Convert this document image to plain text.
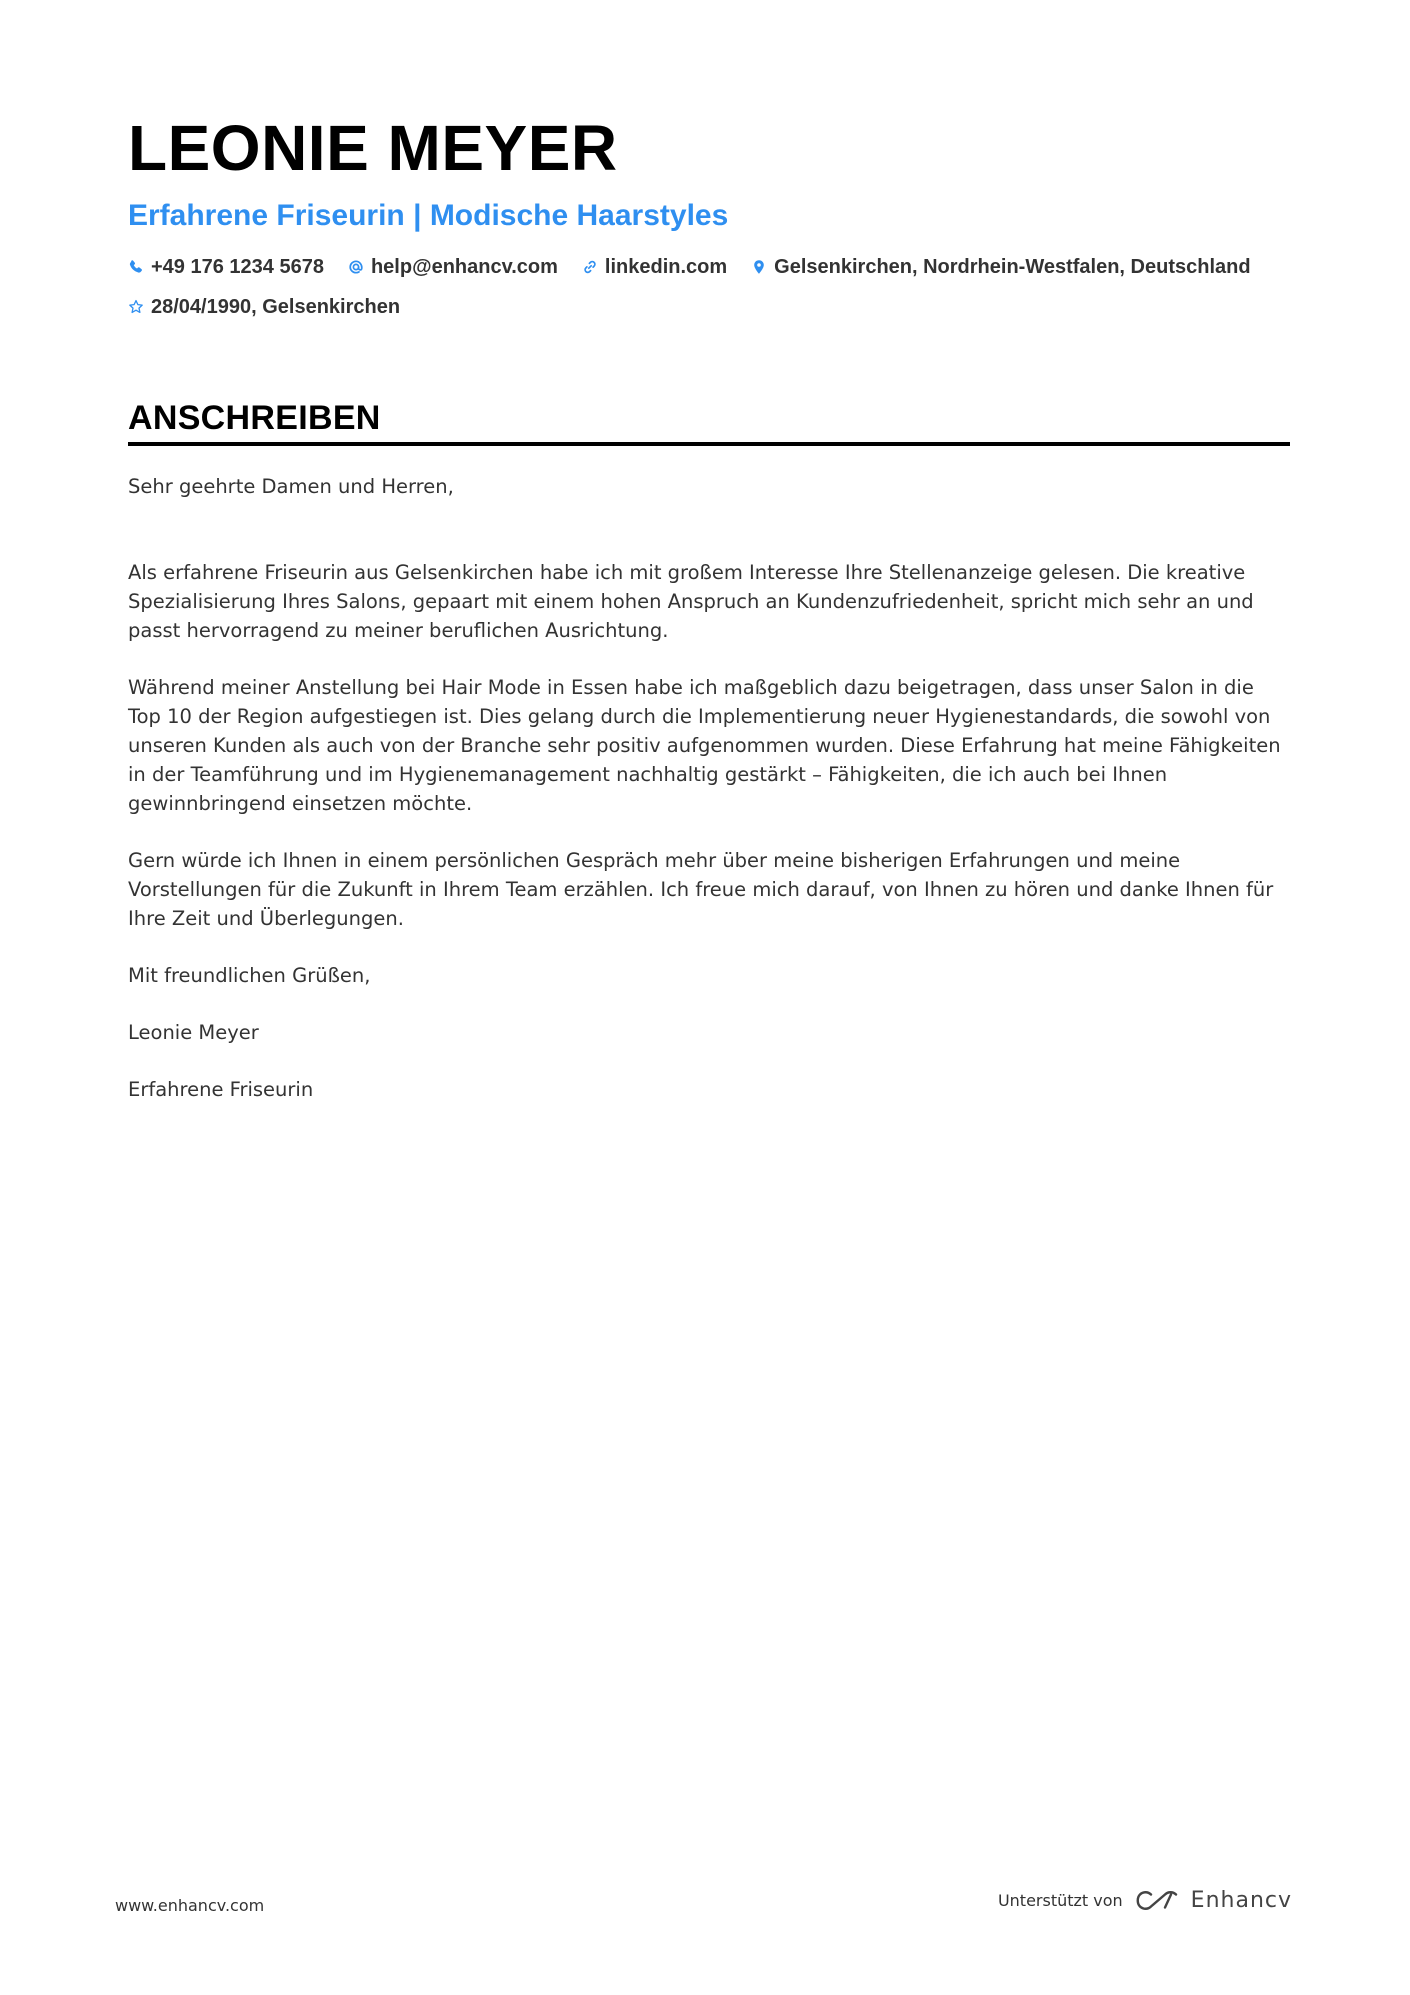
LEONIE MEYER
Erfahrene Friseurin | Modische Haarstyles
+49 176 1234 5678 help@enhancv.com linkedin.com Gelsenkirchen, Nordrhein-Westfalen, Deutschland
28/04/1990, Gelsenkirchen
ANSCHREIBEN

Sehr geehrte Damen und Herren,

Als erfahrene Friseurin aus Gelsenkirchen habe ich mit großem Interesse Ihre Stellenanzeige gelesen. Die kreative Spezialisierung Ihres Salons, gepaart mit einem hohen Anspruch an Kundenzufriedenheit, spricht mich sehr an und passt hervorragend zu meiner beruflichen Ausrichtung.

Während meiner Anstellung bei Hair Mode in Essen habe ich maßgeblich dazu beigetragen, dass unser Salon in die Top 10 der Region aufgestiegen ist. Dies gelang durch die Implementierung neuer Hygienestandards, die sowohl von unseren Kunden als auch von der Branche sehr positiv aufgenommen wurden. Diese Erfahrung hat meine Fähigkeiten in der Teamführung und im Hygienemanagement nachhaltig gestärkt – Fähigkeiten, die ich auch bei Ihnen gewinnbringend einsetzen möchte.

Gern würde ich Ihnen in einem persönlichen Gespräch mehr über meine bisherigen Erfahrungen und meine Vorstellungen für die Zukunft in Ihrem Team erzählen. Ich freue mich darauf, von Ihnen zu hören und danke Ihnen für Ihre Zeit und Überlegungen.

Mit freundlichen Grüßen,

Leonie Meyer

Erfahrene Friseurin

www.enhancv.com	Unterstützt von	Enhancv
